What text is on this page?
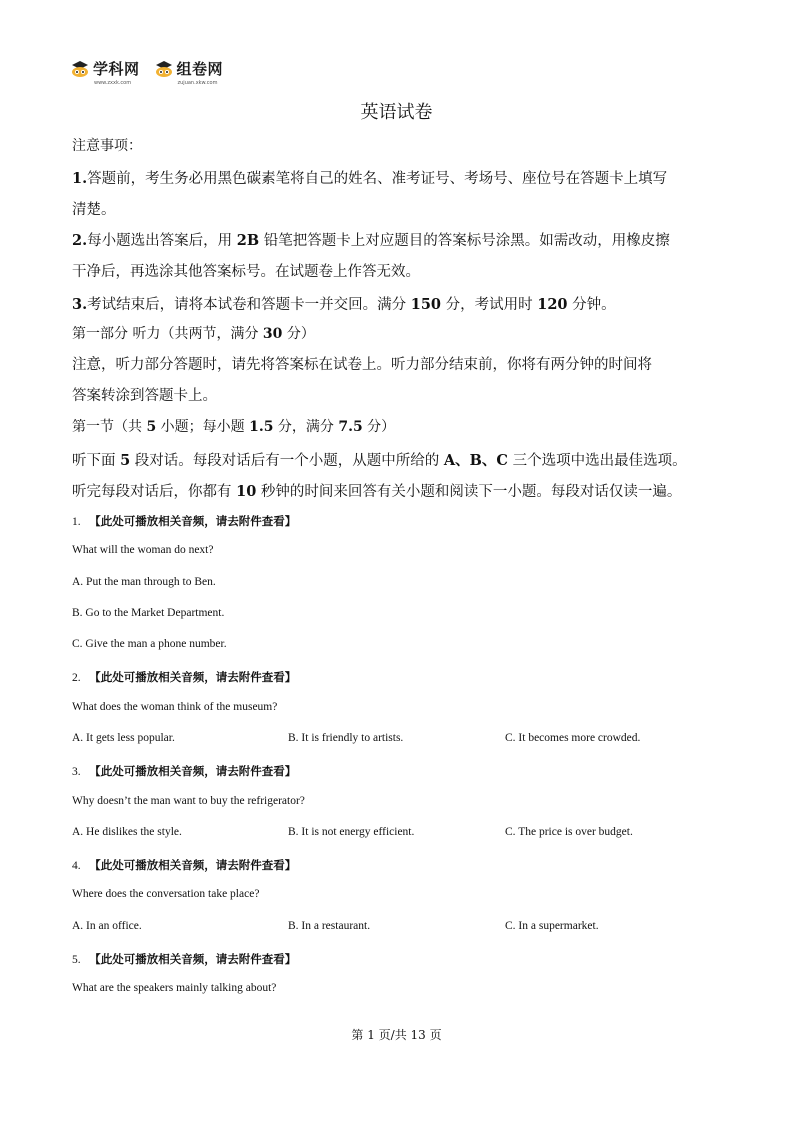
学科网
www.zxxk.com
组卷网
zujuan.xkw.com
英语试卷
注意事项：
1.答题前，考生务必用黑色碳素笔将自己的姓名、准考证号、考场号、座位号在答题卡上填写
清楚。
2.每小题选出答案后，用 2B 铅笔把答题卡上对应题目的答案标号涂黑。如需改动，用橡皮擦
干净后，再选涂其他答案标号。在试题卷上作答无效。
3.考试结束后，请将本试卷和答题卡一并交回。满分 150 分，考试用时 120 分钟。
第一部分 听力（共两节，满分 30 分）
注意，听力部分答题时，请先将答案标在试卷上。听力部分结束前，你将有两分钟的时间将
答案转涂到答题卡上。
第一节（共 5 小题；每小题 1.5 分，满分 7.5 分）
听下面 5 段对话。每段对话后有一个小题，从题中所给的 A、B、C 三个选项中选出最佳选项。
听完每段对话后，你都有 10 秒钟的时间来回答有关小题和阅读下一小题。每段对话仅读一遍。
1. 【此处可播放相关音频，请去附件查看】
What will the woman do next?
A. Put the man through to Ben.
B. Go to the Market Department.
C. Give the man a phone number.
2. 【此处可播放相关音频，请去附件查看】
What does the woman think of the museum?
A. It gets less popular.	B. It is friendly to artists.	C. It becomes more crowded.
3. 【此处可播放相关音频，请去附件查看】
Why doesn’t the man want to buy the refrigerator?
A. He dislikes the style.	B. It is not energy efficient.	C. The price is over budget.
4. 【此处可播放相关音频，请去附件查看】
Where does the conversation take place?
A. In an office.	B. In a restaurant.	C. In a supermarket.
5. 【此处可播放相关音频，请去附件查看】
What are the speakers mainly talking about?
第 1 页/共 13 页
